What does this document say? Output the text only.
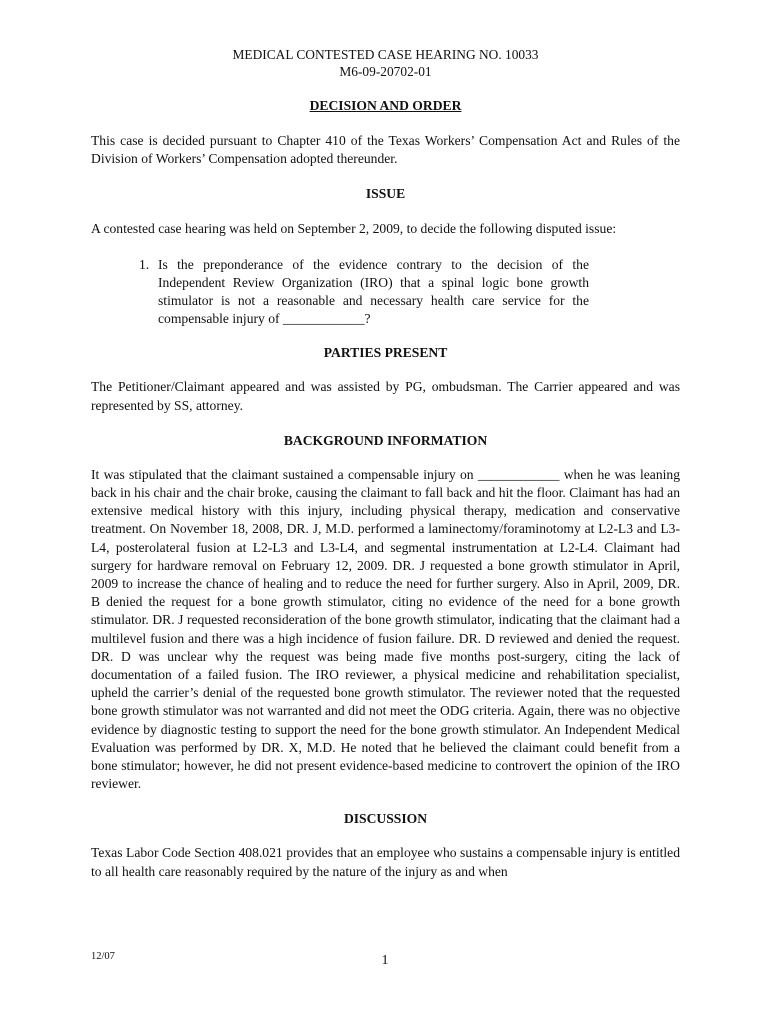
MEDICAL CONTESTED CASE HEARING NO. 10033
M6-09-20702-01
DECISION AND ORDER

This case is decided pursuant to Chapter 410 of the Texas Workers’ Compensation Act and Rules of the Division of Workers’ Compensation adopted thereunder.

ISSUE

A contested case hearing was held on September 2, 2009, to decide the following disputed issue:

1. Is the preponderance of the evidence contrary to the decision of the Independent Review Organization (IRO) that a spinal logic bone growth stimulator is not a reasonable and necessary health care service for the compensable injury of ____________?
PARTIES PRESENT

The Petitioner/Claimant appeared and was assisted by PG, ombudsman. The Carrier appeared and was represented by SS, attorney.

BACKGROUND INFORMATION

It was stipulated that the claimant sustained a compensable injury on ____________ when he was leaning back in his chair and the chair broke, causing the claimant to fall back and hit the floor. Claimant has had an extensive medical history with this injury, including physical therapy, medication and conservative treatment. On November 18, 2008, DR. J, M.D. performed a laminectomy/foraminotomy at L2-L3 and L3-L4, posterolateral fusion at L2-L3 and L3-L4, and segmental instrumentation at L2-L4. Claimant had surgery for hardware removal on February 12, 2009. DR. J requested a bone growth stimulator in April, 2009 to increase the chance of healing and to reduce the need for further surgery. Also in April, 2009, DR. B denied the request for a bone growth stimulator, citing no evidence of the need for a bone growth stimulator. DR. J requested reconsideration of the bone growth stimulator, indicating that the claimant had a multilevel fusion and there was a high incidence of fusion failure. DR. D reviewed and denied the request. DR. D was unclear why the request was being made five months post-surgery, citing the lack of documentation of a failed fusion. The IRO reviewer, a physical medicine and rehabilitation specialist, upheld the carrier’s denial of the requested bone growth stimulator. The reviewer noted that the requested bone growth stimulator was not warranted and did not meet the ODG criteria. Again, there was no objective evidence by diagnostic testing to support the need for the bone growth stimulator. An Independent Medical Evaluation was performed by DR. X, M.D. He noted that he believed the claimant could benefit from a bone stimulator; however, he did not present evidence-based medicine to controvert the opinion of the IRO reviewer.

DISCUSSION

Texas Labor Code Section 408.021 provides that an employee who sustains a compensable injury is entitled to all health care reasonably required by the nature of the injury as and when

12/07	1
